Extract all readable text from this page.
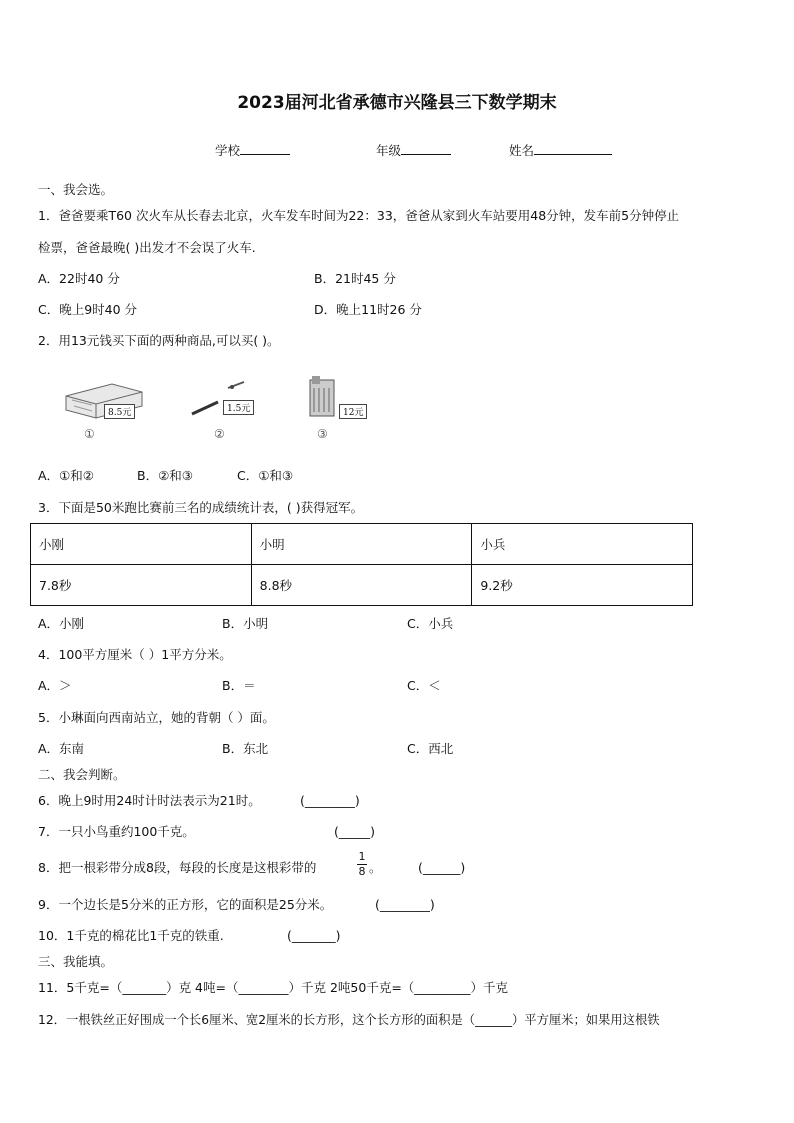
2023届河北省承德市兴隆县三下数学期末
学校	年级	姓名
一、我会选。
1．爸爸要乘T60 次火车从长春去北京，火车发车时间为22：33，爸爸从家到火车站要用48分钟，发车前5分钟停止
检票，爸爸最晚( )出发才不会误了火车.
A．22时40 分	B．21时45 分
C．晚上9时40 分	D．晚上11时26 分
2．用13元钱买下面的两种商品,可以买( )。
8.5元
①
1.5元
②
12元
③
A．①和②	B．②和③	C．①和③
3．下面是50米跑比赛前三名的成绩统计表，( )获得冠军。
小刚	小明	小兵
7.8秒	8.8秒	9.2秒
A．小刚	B．小明	C．小兵
4．100平方厘米（ ）1平方分米。
A．＞	B．＝	C．＜
5．小琳面向西南站立，她的背朝（ ）面。
A．东南	B．东北	C．西北
二、我会判断。
6．晚上9时用24时计时法表示为21时。	(________)
7．一只小鸟重约100千克。	(_____)
8．把一根彩带分成8段，每段的长度是这根彩带的
1
8 。	(______)
9．一个边长是5分米的正方形，它的面积是25分米。	(________)
10．1千克的棉花比1千克的铁重.	(_______)
三、我能填。
11．5千克=（_______）克 4吨=（________）千克 2吨50千克=（_________）千克
12．一根铁丝正好围成一个长6厘米、宽2厘米的长方形，这个长方形的面积是（______）平方厘米；如果用这根铁
